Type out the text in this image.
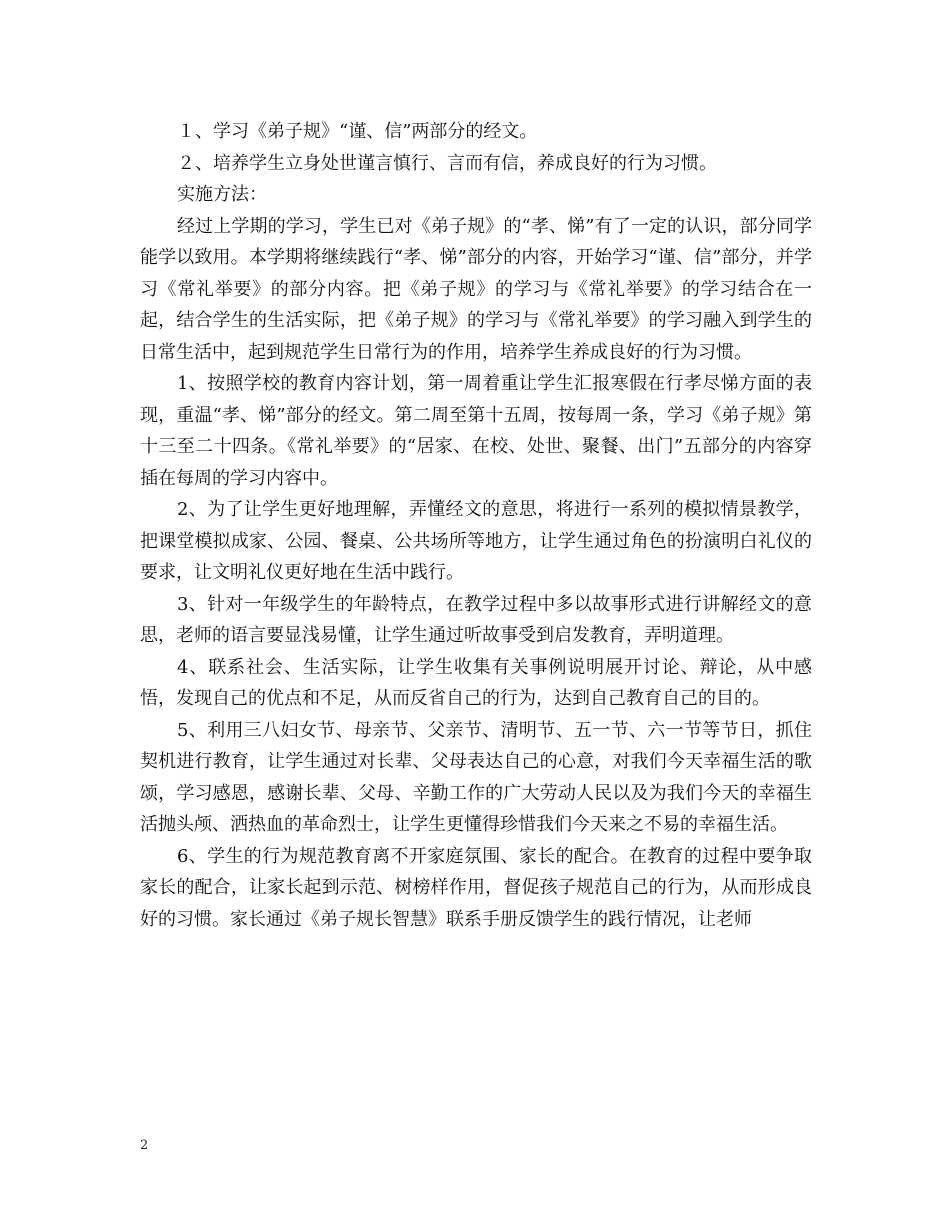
１、学习《弟子规》“谨、信”两部分的经文。

２、培养学生立身处世谨言慎行、言而有信，养成良好的行为习惯。

实施方法：

经过上学期的学习，学生已对《弟子规》的“孝、悌”有了一定的认识，部分同学能学以致用。本学期将继续践行“孝、悌”部分的内容，开始学习“谨、信”部分，并学习《常礼举要》的部分内容。把《弟子规》的学习与《常礼举要》的学习结合在一起，结合学生的生活实际，把《弟子规》的学习与《常礼举要》的学习融入到学生的日常生活中，起到规范学生日常行为的作用，培养学生养成良好的行为习惯。

1、按照学校的教育内容计划，第一周着重让学生汇报寒假在行孝尽悌方面的表现，重温“孝、悌”部分的经文。第二周至第十五周，按每周一条，学习《弟子规》第十三至二十四条。《常礼举要》的“居家、在校、处世、聚餐、出门”五部分的内容穿插在每周的学习内容中。

2、为了让学生更好地理解，弄懂经文的意思，将进行一系列的模拟情景教学，把课堂模拟成家、公园、餐桌、公共场所等地方，让学生通过角色的扮演明白礼仪的要求，让文明礼仪更好地在生活中践行。

3、针对一年级学生的年龄特点，在教学过程中多以故事形式进行讲解经文的意思，老师的语言要显浅易懂，让学生通过听故事受到启发教育，弄明道理。

4、联系社会、生活实际，让学生收集有关事例说明展开讨论、辩论，从中感悟，发现自己的优点和不足，从而反省自己的行为，达到自己教育自己的目的。

5、利用三八妇女节、母亲节、父亲节、清明节、五一节、六一节等节日，抓住契机进行教育，让学生通过对长辈、父母表达自己的心意，对我们今天幸福生活的歌颂，学习感恩，感谢长辈、父母、辛勤工作的广大劳动人民以及为我们今天的幸福生活抛头颅、洒热血的革命烈士，让学生更懂得珍惜我们今天来之不易的幸福生活。

6、学生的行为规范教育离不开家庭氛围、家长的配合。在教育的过程中要争取家长的配合，让家长起到示范、树榜样作用，督促孩子规范自己的行为，从而形成良好的习惯。家长通过《弟子规长智慧》联系手册反馈学生的践行情况，让老师

2
